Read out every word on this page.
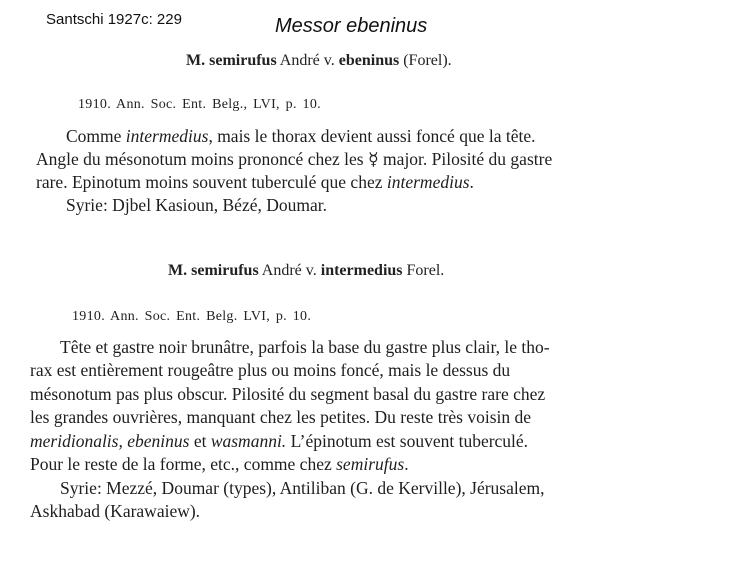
Santschi 1927c: 229	Messor ebeninus
M. semirufus André v. ebeninus (Forel).
1910. Ann. Soc. Ent. Belg., LVI, p. 10.
Comme intermedius, mais le thorax devient aussi foncé que la tête.
Angle du mésonotum moins prononcé chez les ☿ major. Pilosité du gastre
rare. Epinotum moins souvent tuberculé que chez intermedius.
Syrie: Djbel Kasioun, Bézé, Doumar.
M. semirufus André v. intermedius Forel.
1910. Ann. Soc. Ent. Belg. LVI, p. 10.
Tête et gastre noir brunâtre, parfois la base du gastre plus clair, le tho-
rax est entièrement rougeâtre plus ou moins foncé, mais le dessus du
mésonotum pas plus obscur. Pilosité du segment basal du gastre rare chez
les grandes ouvrières, manquant chez les petites. Du reste très voisin de
meridionalis, ebeninus et wasmanni. L’épinotum est souvent tuberculé.
Pour le reste de la forme, etc., comme chez semirufus.
Syrie: Mezzé, Doumar (types), Antiliban (G. de Kerville), Jérusalem,
Askhabad (Karawaiew).
